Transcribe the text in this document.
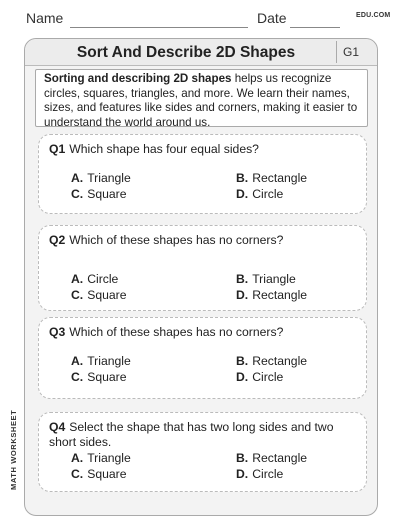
Name	Date	EDU.COM
MATH WORKSHEET
Sort And Describe 2D Shapes	G1
Sorting and describing 2D shapes helps us recognize circles, squares, triangles, and more. We learn their names, sizes, and features like sides and corners, making it easier to understand the world around us.
Q1 Which shape has four equal sides?
A. Triangle	B. Rectangle
C. Square	D. Circle
Q2 Which of these shapes has no corners?
A. Circle	B. Triangle
C. Square	D. Rectangle
Q3 Which of these shapes has no corners?
A. Triangle	B. Rectangle
C. Square	D. Circle
Q4 Select the shape that has two long sides and two short sides.
A. Triangle	B. Rectangle
C. Square	D. Circle
